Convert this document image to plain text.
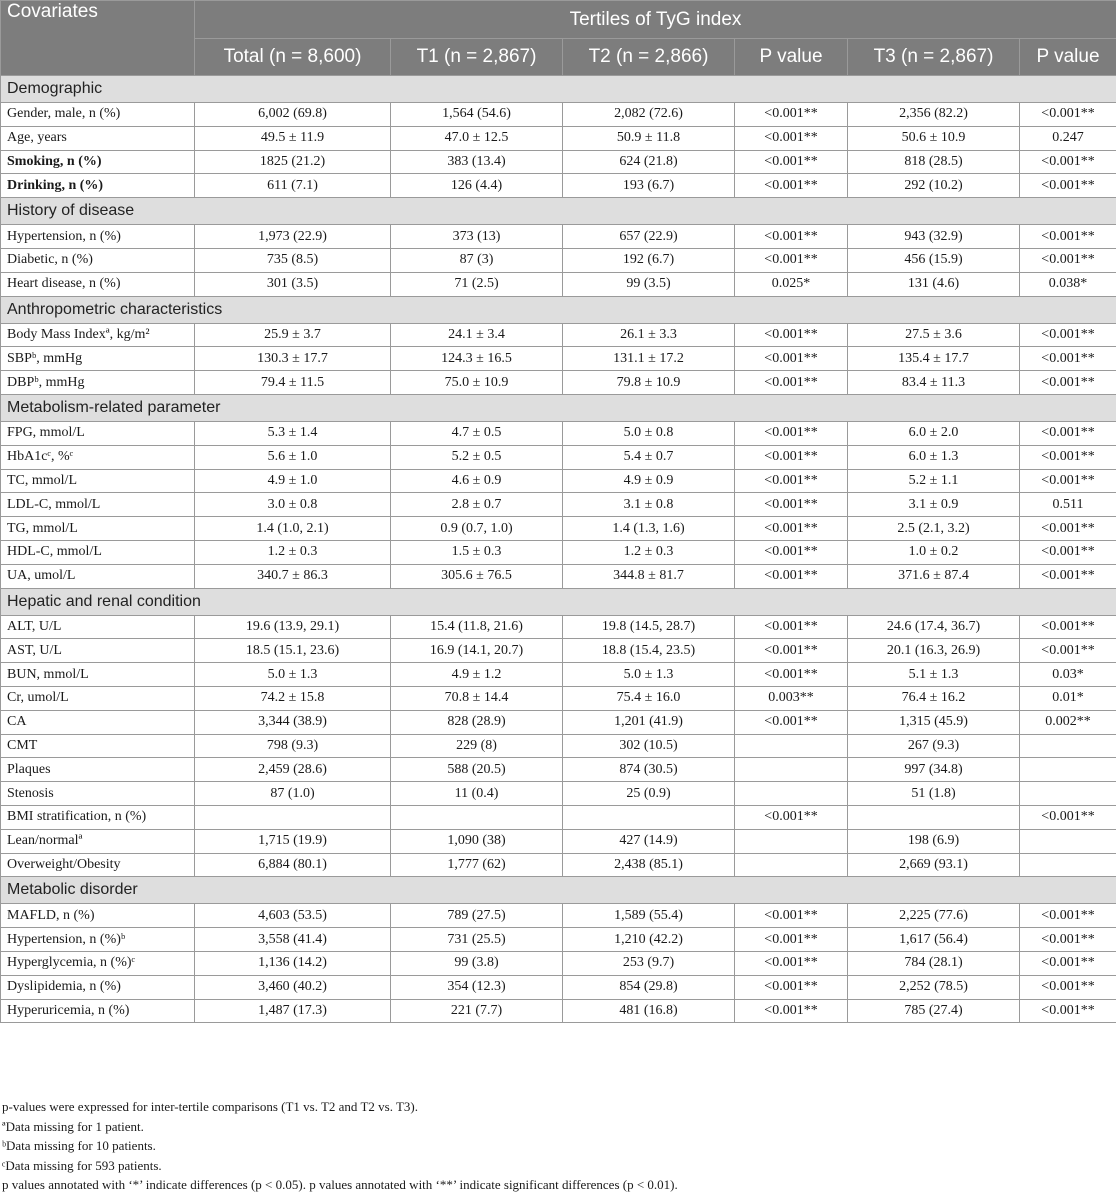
Covariates	Tertiles of TyG index					
	Total (n = 8,600)	T1 (n = 2,867)	T2 (n = 2,866)	P value	T3 (n = 2,867)	P value
Demographic						
Gender, male, n (%)	6,002 (69.8)	1,564 (54.6)	2,082 (72.6)	<0.001**	2,356 (82.2)	<0.001**
Age, years	49.5 ± 11.9	47.0 ± 12.5	50.9 ± 11.8	<0.001**	50.6 ± 10.9	0.247
Smoking, n (%)	1825 (21.2)	383 (13.4)	624 (21.8)	<0.001**	818 (28.5)	<0.001**
Drinking, n (%)	611 (7.1)	126 (4.4)	193 (6.7)	<0.001**	292 (10.2)	<0.001**
History of disease						
Hypertension, n (%)	1,973 (22.9)	373 (13)	657 (22.9)	<0.001**	943 (32.9)	<0.001**
Diabetic, n (%)	735 (8.5)	87 (3)	192 (6.7)	<0.001**	456 (15.9)	<0.001**
Heart disease, n (%)	301 (3.5)	71 (2.5)	99 (3.5)	0.025*	131 (4.6)	0.038*
Anthropometric characteristics						
Body Mass Indexª, kg/m²	25.9 ± 3.7	24.1 ± 3.4	26.1 ± 3.3	<0.001**	27.5 ± 3.6	<0.001**
SBPᵇ, mmHg	130.3 ± 17.7	124.3 ± 16.5	131.1 ± 17.2	<0.001**	135.4 ± 17.7	<0.001**
DBPᵇ, mmHg	79.4 ± 11.5	75.0 ± 10.9	79.8 ± 10.9	<0.001**	83.4 ± 11.3	<0.001**
Metabolism-related parameter						
FPG, mmol/L	5.3 ± 1.4	4.7 ± 0.5	5.0 ± 0.8	<0.001**	6.0 ± 2.0	<0.001**
HbA1cᶜ, %ᶜ	5.6 ± 1.0	5.2 ± 0.5	5.4 ± 0.7	<0.001**	6.0 ± 1.3	<0.001**
TC, mmol/L	4.9 ± 1.0	4.6 ± 0.9	4.9 ± 0.9	<0.001**	5.2 ± 1.1	<0.001**
LDL-C, mmol/L	3.0 ± 0.8	2.8 ± 0.7	3.1 ± 0.8	<0.001**	3.1 ± 0.9	0.511
TG, mmol/L	1.4 (1.0, 2.1)	0.9 (0.7, 1.0)	1.4 (1.3, 1.6)	<0.001**	2.5 (2.1, 3.2)	<0.001**
HDL-C, mmol/L	1.2 ± 0.3	1.5 ± 0.3	1.2 ± 0.3	<0.001**	1.0 ± 0.2	<0.001**
UA, umol/L	340.7 ± 86.3	305.6 ± 76.5	344.8 ± 81.7	<0.001**	371.6 ± 87.4	<0.001**
Hepatic and renal condition						
ALT, U/L	19.6 (13.9, 29.1)	15.4 (11.8, 21.6)	19.8 (14.5, 28.7)	<0.001**	24.6 (17.4, 36.7)	<0.001**
AST, U/L	18.5 (15.1, 23.6)	16.9 (14.1, 20.7)	18.8 (15.4, 23.5)	<0.001**	20.1 (16.3, 26.9)	<0.001**
BUN, mmol/L	5.0 ± 1.3	4.9 ± 1.2	5.0 ± 1.3	<0.001**	5.1 ± 1.3	0.03*
Cr, umol/L	74.2 ± 15.8	70.8 ± 14.4	75.4 ± 16.0	0.003**	76.4 ± 16.2	0.01*
CA	3,344 (38.9)	828 (28.9)	1,201 (41.9)	<0.001**	1,315 (45.9)	0.002**
CMT	798 (9.3)	229 (8)	302 (10.5)		267 (9.3)	
Plaques	2,459 (28.6)	588 (20.5)	874 (30.5)		997 (34.8)	
Stenosis	87 (1.0)	11 (0.4)	25 (0.9)		51 (1.8)	
BMI stratification, n (%)				<0.001**		<0.001**
Lean/normalª	1,715 (19.9)	1,090 (38)	427 (14.9)		198 (6.9)	
Overweight/Obesity	6,884 (80.1)	1,777 (62)	2,438 (85.1)		2,669 (93.1)	
Metabolic disorder						
MAFLD, n (%)	4,603 (53.5)	789 (27.5)	1,589 (55.4)	<0.001**	2,225 (77.6)	<0.001**
Hypertension, n (%)ᵇ	3,558 (41.4)	731 (25.5)	1,210 (42.2)	<0.001**	1,617 (56.4)	<0.001**
Hyperglycemia, n (%)ᶜ	1,136 (14.2)	99 (3.8)	253 (9.7)	<0.001**	784 (28.1)	<0.001**
Dyslipidemia, n (%)	3,460 (40.2)	354 (12.3)	854 (29.8)	<0.001**	2,252 (78.5)	<0.001**
Hyperuricemia, n (%)	1,487 (17.3)	221 (7.7)	481 (16.8)	<0.001**	785 (27.4)	<0.001**
p-values were expressed for inter-tertile comparisons (T1 vs. T2 and T2 vs. T3).
ªData missing for 1 patient.
ᵇData missing for 10 patients.
ᶜData missing for 593 patients.
p values annotated with ‘*’ indicate differences (p < 0.05). p values annotated with ‘**’ indicate significant differences (p < 0.01).
